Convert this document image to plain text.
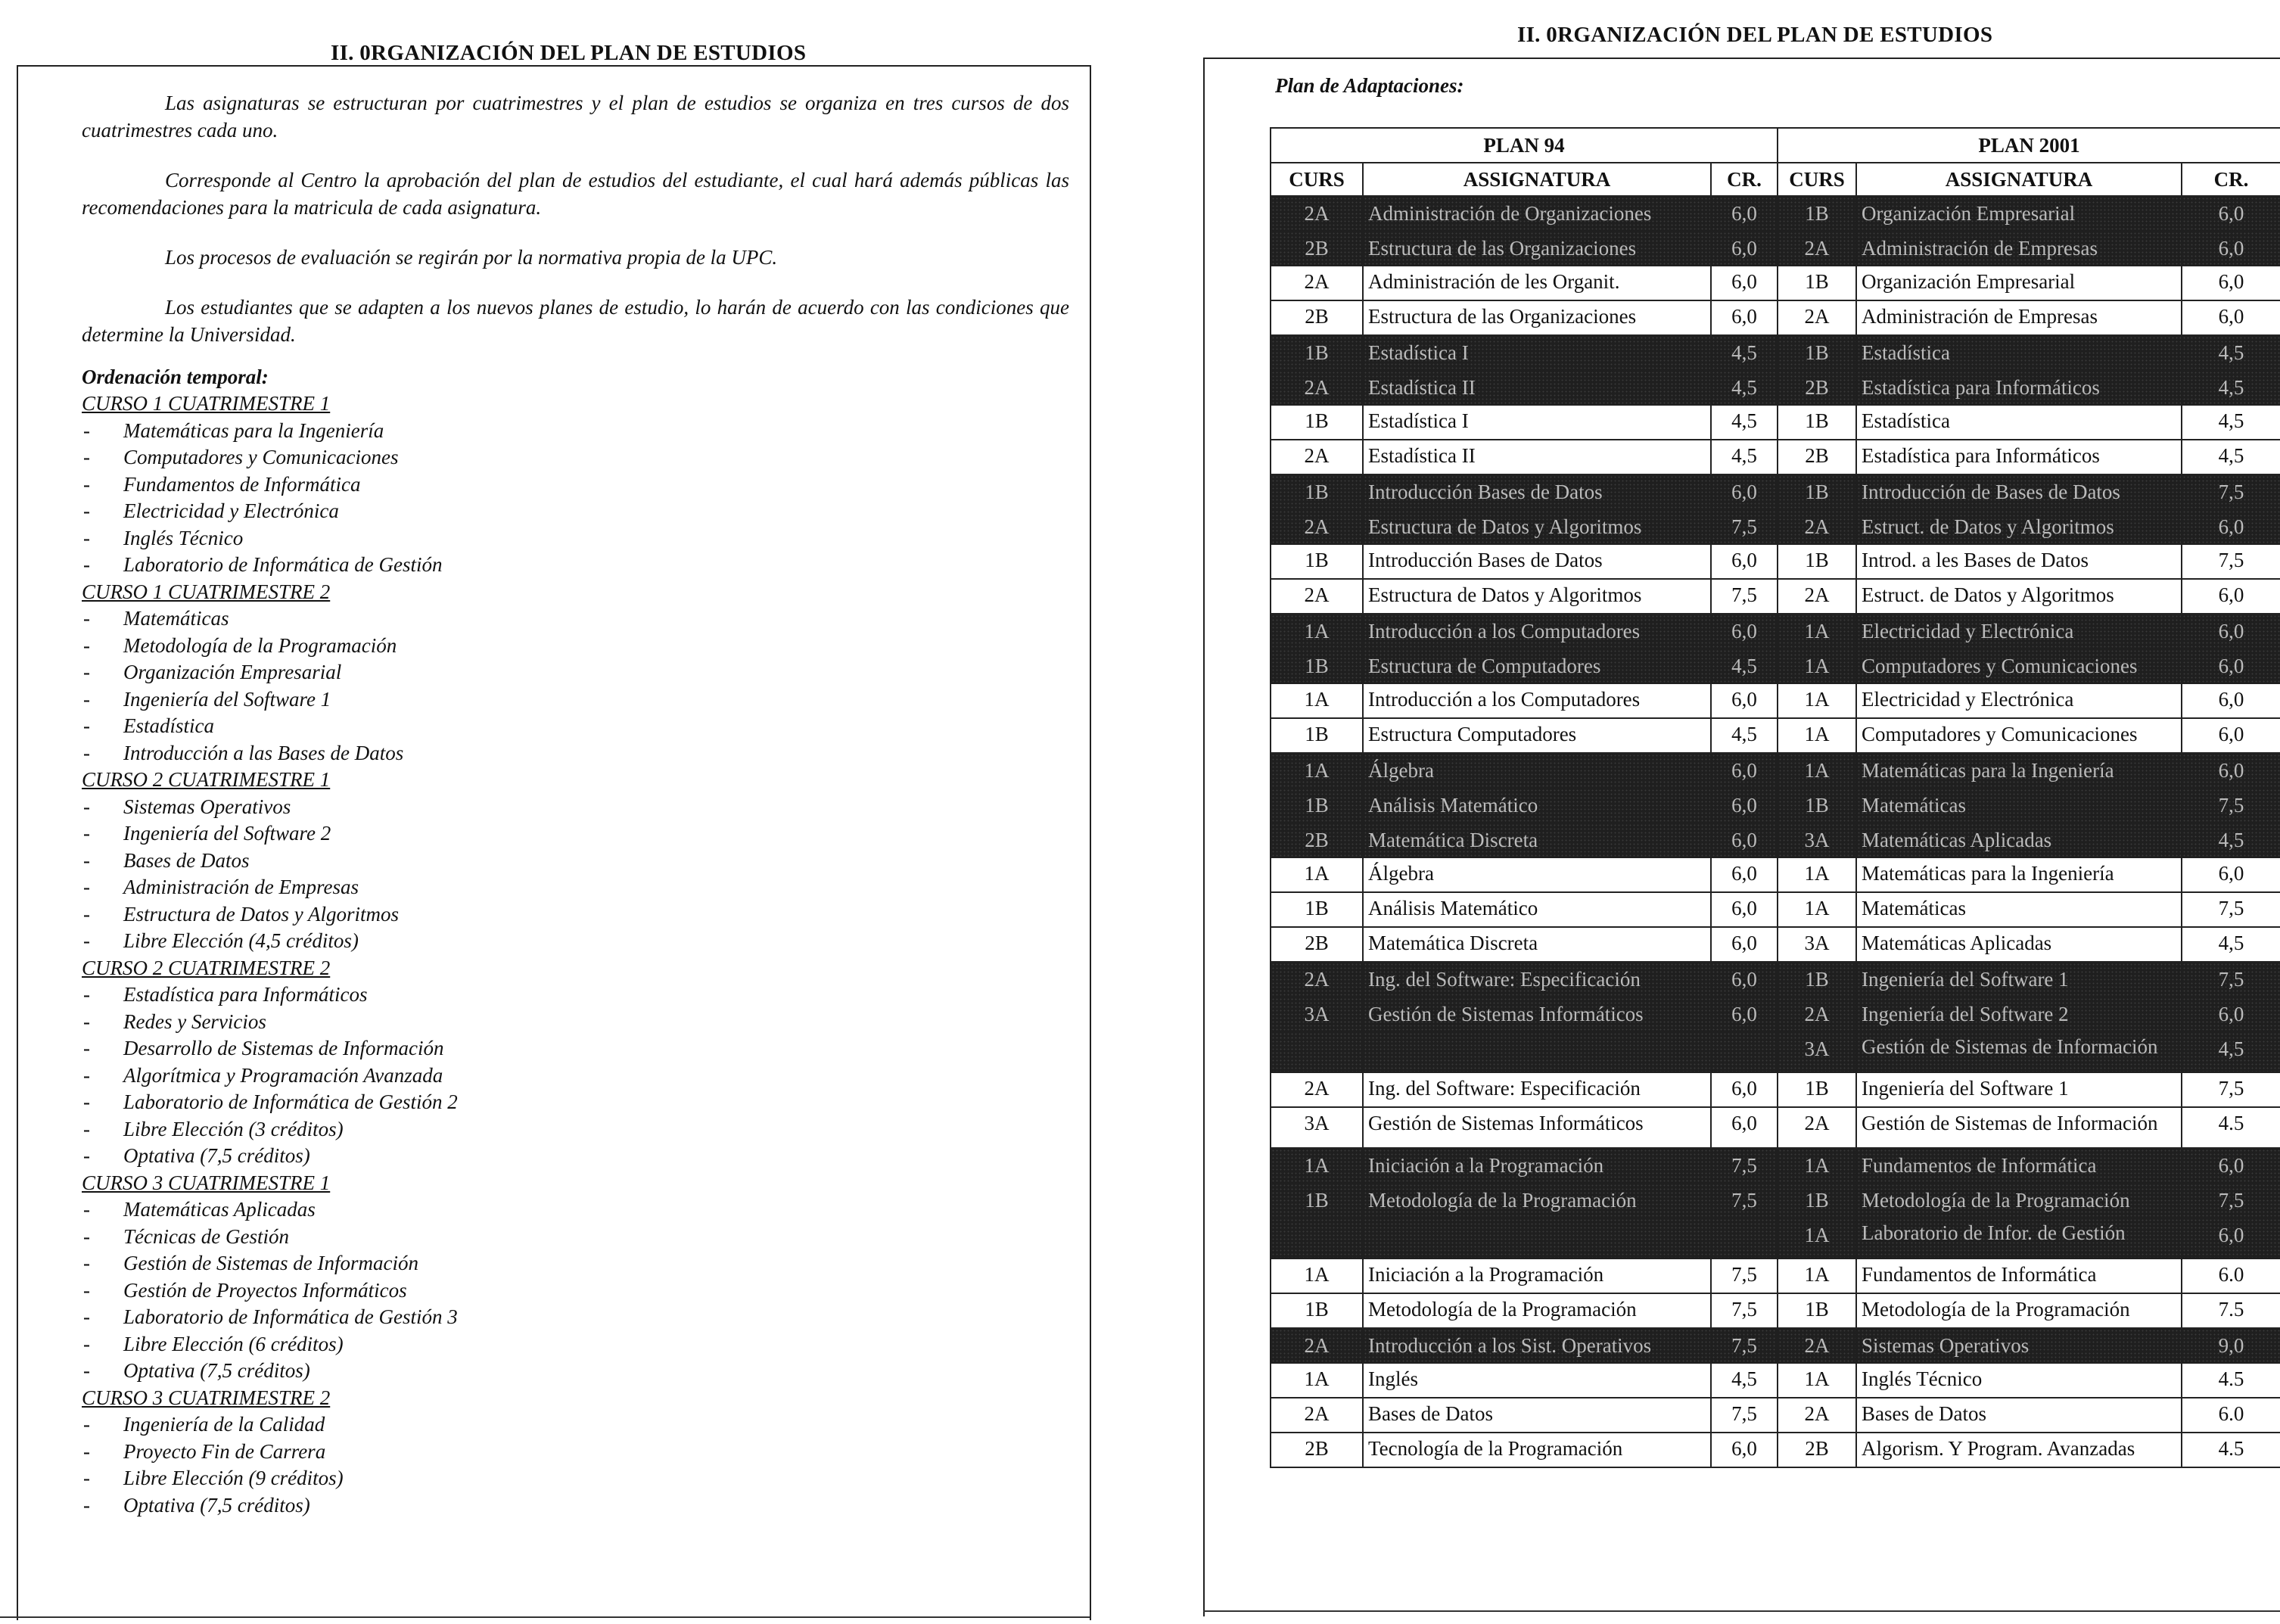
II. 0RGANIZACIÓN DEL PLAN DE ESTUDIOS

Las asignaturas se estructuran por cuatrimestres y el plan de estudios se organiza en tres cursos de dos cuatrimestres cada uno.

Corresponde al Centro la aprobación del plan de estudios del estudiante, el cual hará además públicas las recomendaciones para la matricula de cada asignatura.

Los procesos de evaluación se regirán por la normativa propia de la UPC.

Los estudiantes que se adapten a los nuevos planes de estudio, lo harán de acuerdo con las condiciones que determine la Universidad.

Ordenación temporal:
CURSO 1 CUATRIMESTRE 1
- Matemáticas para la Ingeniería
- Computadores y Comunicaciones
- Fundamentos de Informática
- Electricidad y Electrónica
- Inglés Técnico
- Laboratorio de Informática de Gestión
CURSO 1 CUATRIMESTRE 2
- Matemáticas
- Metodología de la Programación
- Organización Empresarial
- Ingeniería del Software 1
- Estadística
- Introducción a las Bases de Datos
CURSO 2 CUATRIMESTRE 1
- Sistemas Operativos
- Ingeniería del Software 2
- Bases de Datos
- Administración de Empresas
- Estructura de Datos y Algoritmos
- Libre Elección (4,5 créditos)
CURSO 2 CUATRIMESTRE 2
- Estadística para Informáticos
- Redes y Servicios
- Desarrollo de Sistemas de Información
- Algorítmica y Programación Avanzada
- Laboratorio de Informática de Gestión 2
- Libre Elección (3 créditos)
- Optativa (7,5 créditos)
CURSO 3 CUATRIMESTRE 1
- Matemáticas Aplicadas
- Técnicas de Gestión
- Gestión de Sistemas de Información
- Gestión de Proyectos Informáticos
- Laboratorio de Informática de Gestión 3
- Libre Elección (6 créditos)
- Optativa (7,5 créditos)
CURSO 3 CUATRIMESTRE 2
- Ingeniería de la Calidad
- Proyecto Fin de Carrera
- Libre Elección (9 créditos)
- Optativa (7,5 créditos)
II. 0RGANIZACIÓN DEL PLAN DE ESTUDIOS
Plan de Adaptaciones:
PLAN 94			PLAN 2001		
CURS	ASSIGNATURA	CR.	CURS	ASSIGNATURA	CR.
2A	Administración de Organizaciones	6,0	1B	Organización Empresarial	6,0
2B	Estructura de las Organizaciones	6,0	2A	Administración de Empresas	6,0
2A	Administración de les Organit.	6,0	1B	Organización Empresarial	6,0
2B	Estructura de las Organizaciones	6,0	2A	Administración de Empresas	6,0
1B	Estadística I	4,5	1B	Estadística	4,5
2A	Estadística II	4,5	2B	Estadística para Informáticos	4,5
1B	Estadística I	4,5	1B	Estadística	4,5
2A	Estadística II	4,5	2B	Estadística para Informáticos	4,5
1B	Introducción Bases de Datos	6,0	1B	Introducción de Bases de Datos	7,5
2A	Estructura de Datos y Algoritmos	7,5	2A	Estruct. de Datos y Algoritmos	6,0
1B	Introducción Bases de Datos	6,0	1B	Introd. a les Bases de Datos	7,5
2A	Estructura de Datos y Algoritmos	7,5	2A	Estruct. de Datos y Algoritmos	6,0
1A	Introducción a los Computadores	6,0	1A	Electricidad y Electrónica	6,0
1B	Estructura de Computadores	4,5	1A	Computadores y Comunicaciones	6,0
1A	Introducción a los Computadores	6,0	1A	Electricidad y Electrónica	6,0
1B	Estructura Computadores	4,5	1A	Computadores y Comunicaciones	6,0
1A	Álgebra	6,0	1A	Matemáticas para la Ingeniería	6,0
1B	Análisis Matemático	6,0	1B	Matemáticas	7,5
2B	Matemática Discreta	6,0	3A	Matemáticas Aplicadas	4,5
1A	Álgebra	6,0	1A	Matemáticas para la Ingeniería	6,0
1B	Análisis Matemático	6,0	1A	Matemáticas	7,5
2B	Matemática Discreta	6,0	3A	Matemáticas Aplicadas	4,5
2A	Ing. del Software: Especificación	6,0	1B	Ingeniería del Software 1	7,5
3A	Gestión de Sistemas Informáticos	6,0	2A	Ingeniería del Software 2	6,0
			3A	Gestión de Sistemas de Información	4,5
2A	Ing. del Software: Especificación	6,0	1B	Ingeniería del Software 1	7,5
3A	Gestión de Sistemas Informáticos	6,0	2A	Gestión de Sistemas de Información	4.5
1A	Iniciación a la Programación	7,5	1A	Fundamentos de Informática	6,0
1B	Metodología de la Programación	7,5	1B	Metodología de la Programación	7,5
			1A	Laboratorio de Infor. de Gestión	6,0
1A	Iniciación a la Programación	7,5	1A	Fundamentos de Informática	6.0
1B	Metodología de la Programación	7,5	1B	Metodología de la Programación	7.5
2A	Introducción a los Sist. Operativos	7,5	2A	Sistemas Operativos	9,0
1A	Inglés	4,5	1A	Inglés Técnico	4.5
2A	Bases de Datos	7,5	2A	Bases de Datos	6.0
2B	Tecnología de la Programación	6,0	2B	Algorism. Y Program. Avanzadas	4.5
